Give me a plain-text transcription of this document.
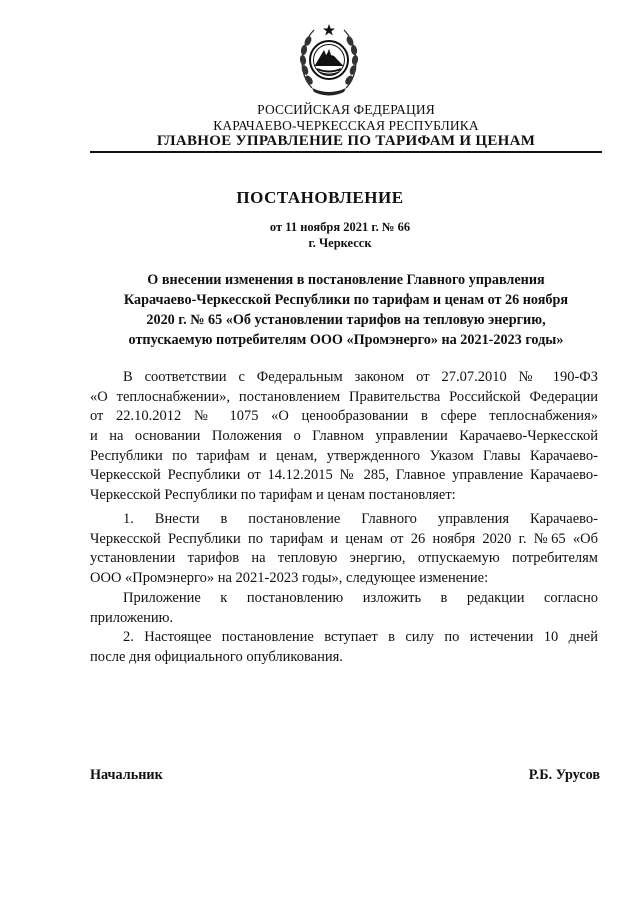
РОССИЙСКАЯ ФЕДЕРАЦИЯ
КАРАЧАЕВО-ЧЕРКЕССКАЯ РЕСПУБЛИКА
ГЛАВНОЕ УПРАВЛЕНИЕ ПО ТАРИФАМ И ЦЕНАМ
ПОСТАНОВЛЕНИЕ
от 11 ноября 2021 г. № 66
г. Черкесск
О внесении изменения в постановление Главного управления
Карачаево-Черкесской Республики по тарифам и ценам от 26 ноября
2020 г. № 65 «Об установлении тарифов на тепловую энергию,
отпускаемую потребителям ООО «Промэнерго» на 2021-2023 годы»
В соответствии с Федеральным законом от 27.07.2010 № 190-ФЗ
«О теплоснабжении», постановлением Правительства Российской Федерации
от 22.10.2012 № 1075 «О ценообразовании в сфере теплоснабжения»
и на основании Положения о Главном управлении Карачаево-Черкесской
Республики по тарифам и ценам, утвержденного Указом Главы Карачаево-
Черкесской Республики от 14.12.2015 № 285, Главное управление Карачаево-
Черкесской Республики по тарифам и ценам постановляет:
1. Внести в постановление Главного управления Карачаево-
Черкесской Республики по тарифам и ценам от 26 ноября 2020 г. №65 «Об
установлении тарифов на тепловую энергию, отпускаемую потребителям
ООО «Промэнерго» на 2021-2023 годы», следующее изменение:
Приложение к постановлению изложить в редакции согласно
приложению.
2. Настоящее постановление вступает в силу по истечении 10 дней
после дня официального опубликования.
Начальник	Р.Б. Урусов
